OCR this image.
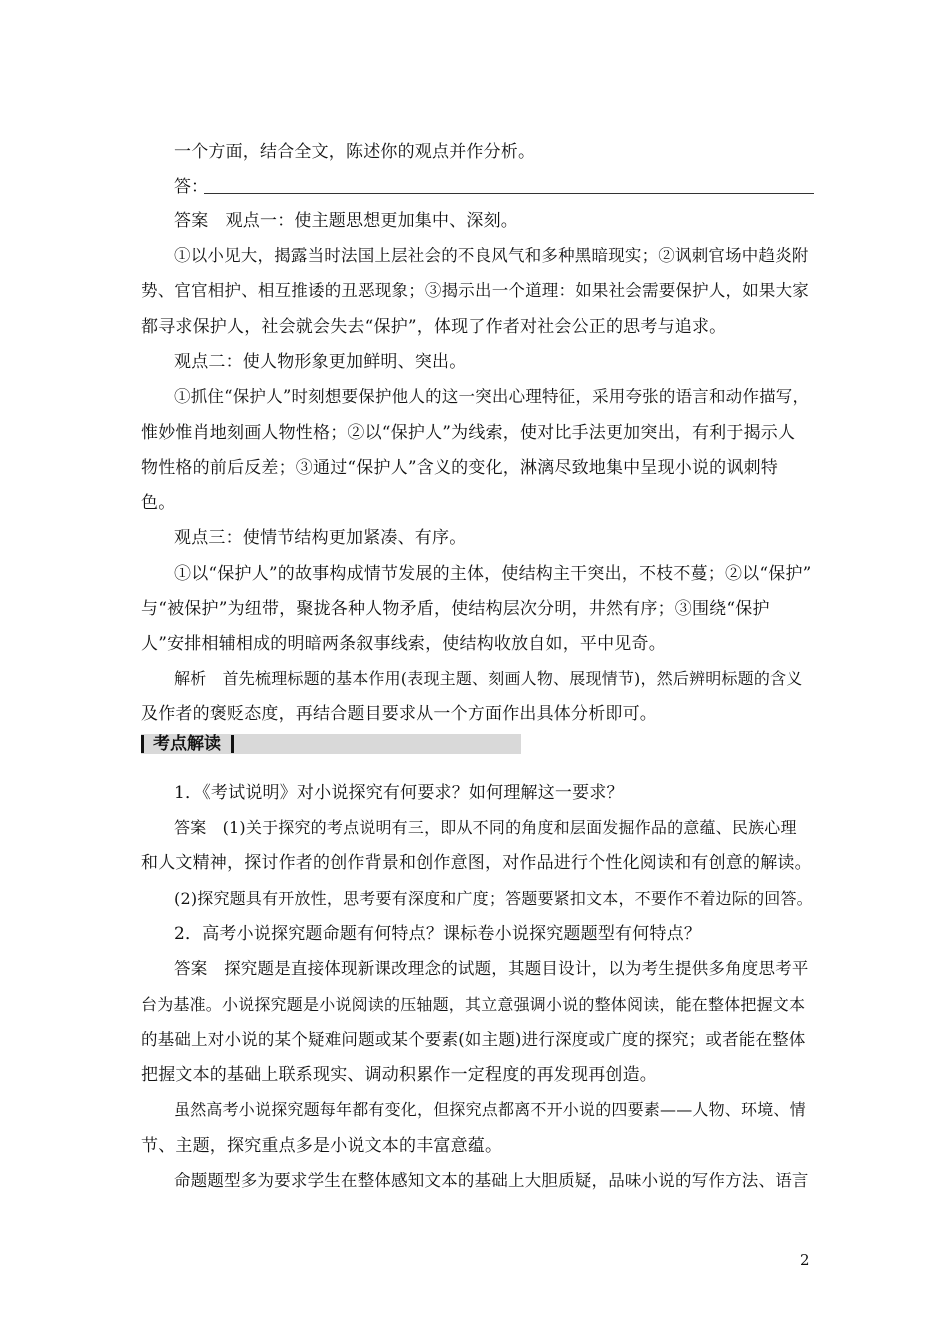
一个方面，结合全文，陈述你的观点并作分析。
答：
答案　观点一：使主题思想更加集中、深刻。
①以小见大，揭露当时法国上层社会的不良风气和多种黑暗现实；②讽刺官场中趋炎附
势、官官相护、相互推诿的丑恶现象；③揭示出一个道理：如果社会需要保护人，如果大家
都寻求保护人，社会就会失去“保护”，体现了作者对社会公正的思考与追求。
观点二：使人物形象更加鲜明、突出。
①抓住“保护人”时刻想要保护他人的这一突出心理特征，采用夸张的语言和动作描写，
惟妙惟肖地刻画人物性格；②以“保护人”为线索，使对比手法更加突出，有利于揭示人
物性格的前后反差；③通过“保护人”含义的变化，淋漓尽致地集中呈现小说的讽刺特
色。
观点三：使情节结构更加紧凑、有序。
①以“保护人”的故事构成情节发展的主体，使结构主干突出，不枝不蔓；②以“保护”
与“被保护”为纽带，聚拢各种人物矛盾，使结构层次分明，井然有序；③围绕“保护
人”安排相辅相成的明暗两条叙事线索，使结构收放自如，平中见奇。
解析　首先梳理标题的基本作用(表现主题、刻画人物、展现情节)，然后辨明标题的含义
及作者的褒贬态度，再结合题目要求从一个方面作出具体分析即可。
考点解读
1．《考试说明》对小说探究有何要求？如何理解这一要求？
答案　(1)关于探究的考点说明有三，即从不同的角度和层面发掘作品的意蕴、民族心理
和人文精神，探讨作者的创作背景和创作意图，对作品进行个性化阅读和有创意的解读。
(2)探究题具有开放性，思考要有深度和广度；答题要紧扣文本，不要作不着边际的回答。
2．高考小说探究题命题有何特点？课标卷小说探究题题型有何特点？
答案　探究题是直接体现新课改理念的试题，其题目设计，以为考生提供多角度思考平
台为基准。小说探究题是小说阅读的压轴题，其立意强调小说的整体阅读，能在整体把握文本
的基础上对小说的某个疑难问题或某个要素(如主题)进行深度或广度的探究；或者能在整体
把握文本的基础上联系现实、调动积累作一定程度的再发现再创造。
虽然高考小说探究题每年都有变化，但探究点都离不开小说的四要素——人物、环境、情
节、主题，探究重点多是小说文本的丰富意蕴。
命题题型多为要求学生在整体感知文本的基础上大胆质疑，品味小说的写作方法、语言
2
